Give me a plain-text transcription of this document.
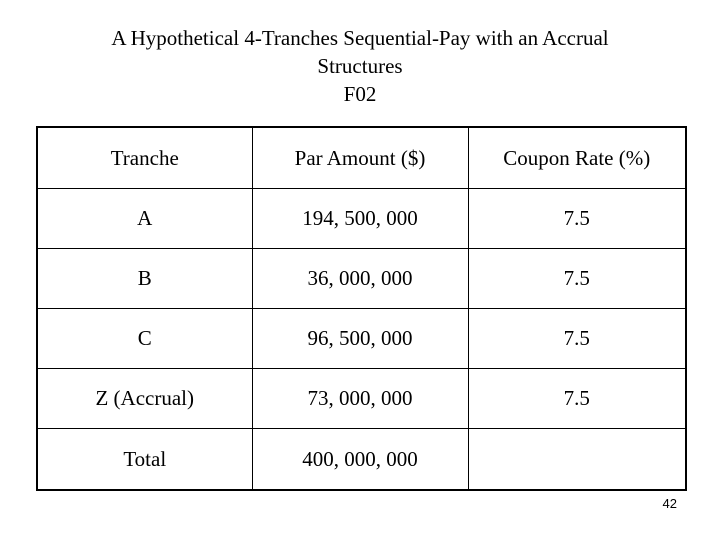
A Hypothetical 4-Tranches Sequential-Pay with an Accrual
Structures
F02
Tranche	Par Amount ($)	Coupon Rate (%)
A	194, 500, 000	7.5
B	36, 000, 000	7.5
C	96, 500, 000	7.5
Z (Accrual)	73, 000, 000	7.5
Total	400, 000, 000	
42
